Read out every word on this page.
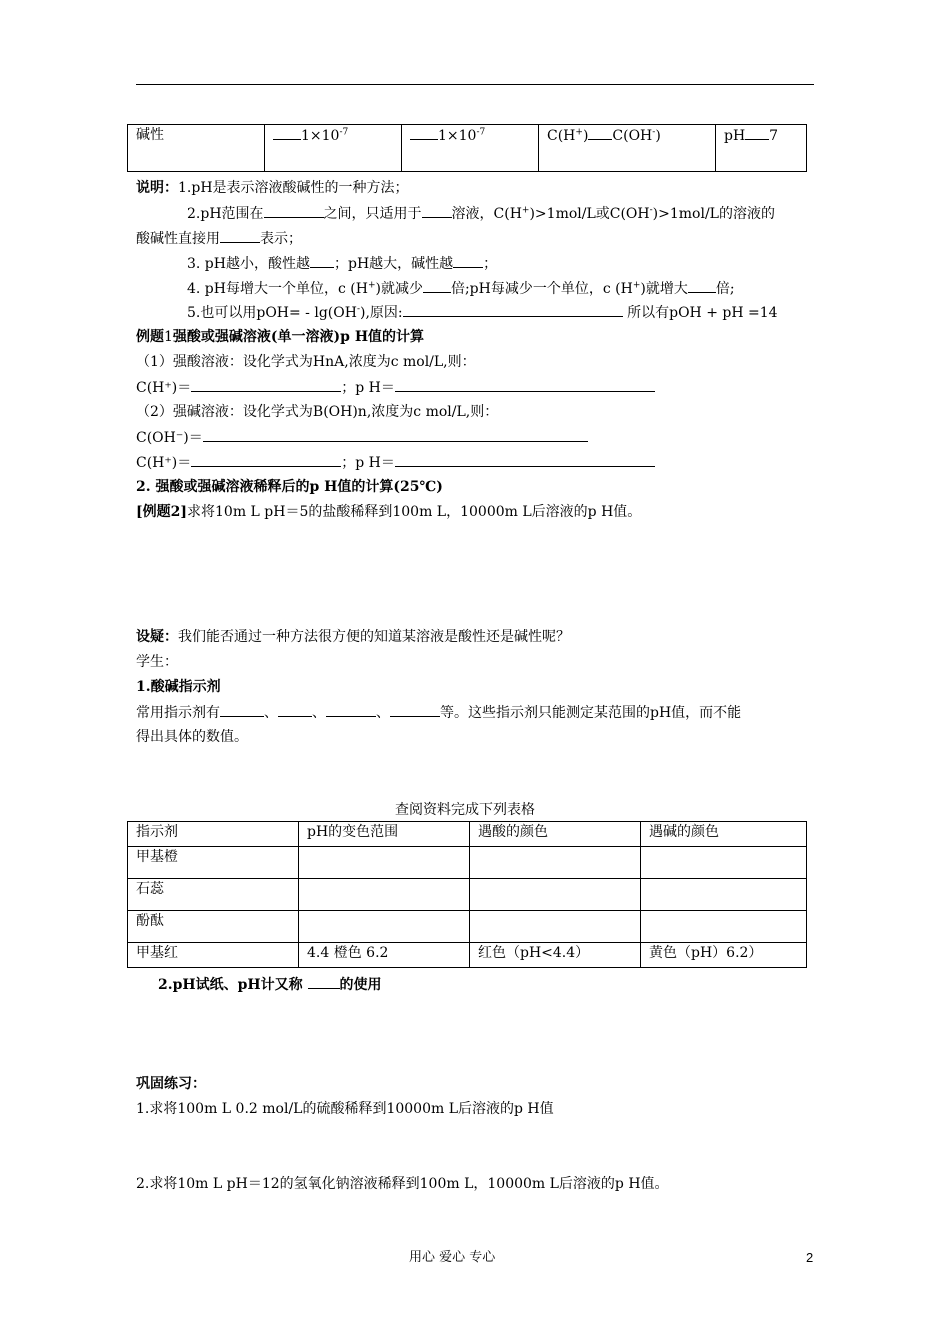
碱性	$1\times 10^{-7}$	$1\times 10^{-7}$	C(H+) C(OH-)	pH 7
说明：1.pH是表示溶液酸碱性的一种方法；
2.pH范围在	之间，只适用于 溶液，C(H+)>1mol/L或C(OH-)>1mol/L的溶液的
酸碱性直接用	表示；
3. pH越小，酸性越 ；pH越大，碱性越 ；
4. pH每增大一个单位，c (H+)就减少 倍;pH每减少一个单位，c (H+)就增大 倍;
5.也可以用pOH= - lg(OH-),原因:	所以有pOH + pH =14
例题1强酸或强碱溶液(单一溶液)p H值的计算
（1）强酸溶液：设化学式为HnA,浓度为c mol/L,则：
C(H⁺)＝	；p H＝
（2）强碱溶液：设化学式为B(OH)n,浓度为c mol/L,则：
C(OH⁻)＝
C(H⁺)＝	；p H＝
2. 强酸或强碱溶液稀释后的p H值的计算(25℃)
[例题2]求将10m L pH＝5的盐酸稀释到100m L，10000m L后溶液的p H值。
设疑：我们能否通过一种方法很方便的知道某溶液是酸性还是碱性呢？
学生：
1.酸碱指示剂
常用指示剂有	、 、	、	等。这些指示剂只能测定某范围的pH值，而不能
得出具体的数值。
查阅资料完成下列表格
指示剂	pH的变色范围	遇酸的颜色	遇碱的颜色
甲基橙			
石蕊			
酚酞			
甲基红	4.4 橙色 6.2	红色（pH<4.4）	黄色（pH）6.2）
2.pH试纸、pH计又称 的使用
巩固练习：
1.求将100m L 0.2 mol/L的硫酸稀释到10000m L后溶液的p H值
2.求将10m L pH＝12的氢氧化钠溶液稀释到100m L，10000m L后溶液的p H值。
用心 爱心 专心	2
